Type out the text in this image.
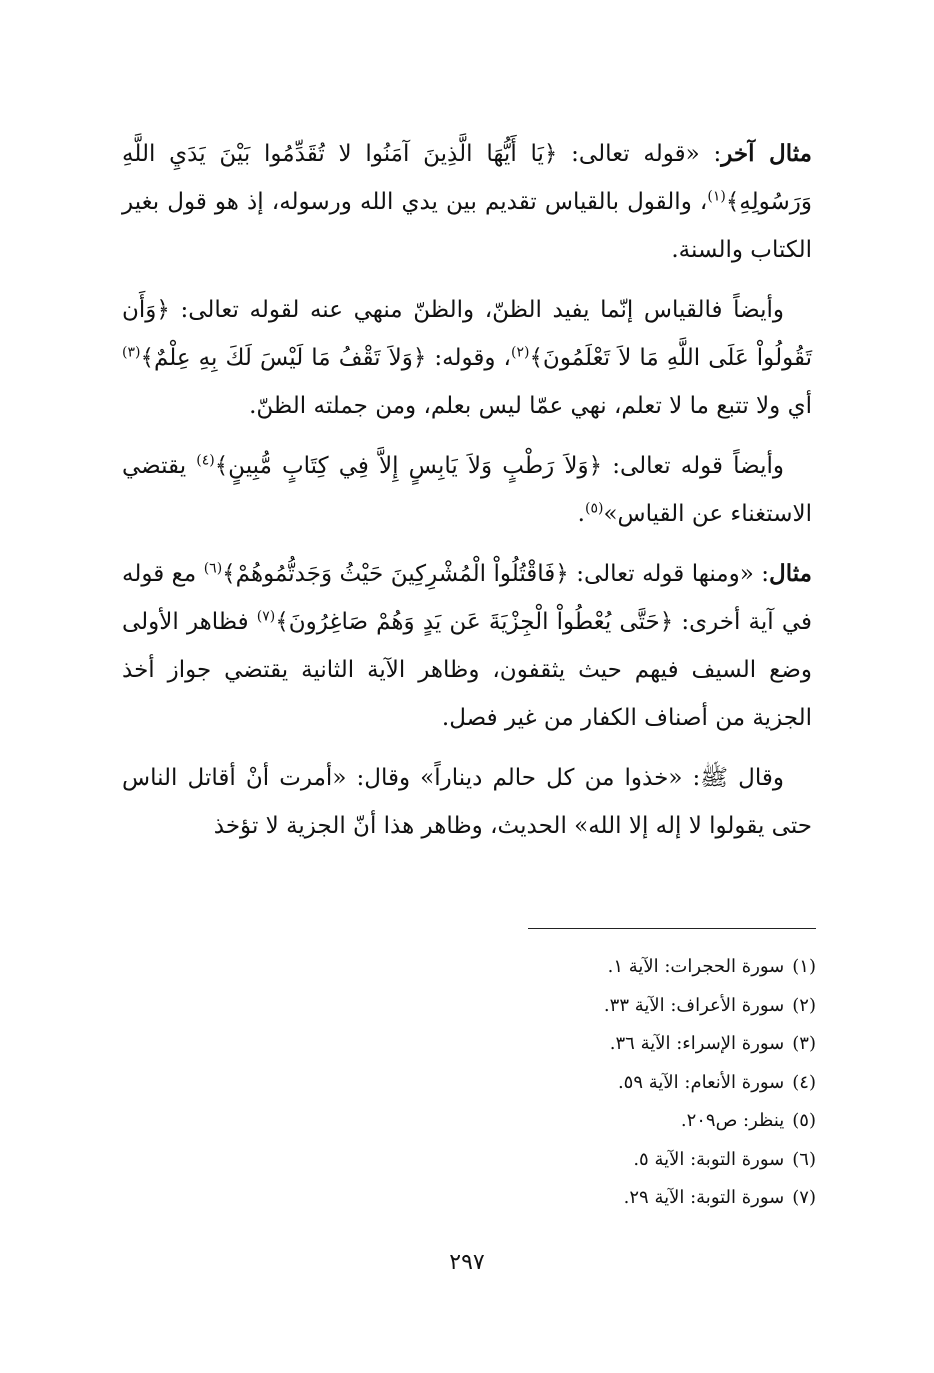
مثال آخر: «قوله تعالى: ﴿يَا أَيُّهَا الَّذِينَ آمَنُوا لا تُقَدِّمُوا بَيْنَ يَدَيِ اللَّهِ وَرَسُولِهِ﴾$^{(١)}$، والقول بالقياس تقديم بين يدي الله ورسوله، إذ هو قول بغير الكتاب والسنة.

وأيضاً فالقياس إنّما يفيد الظنّ، والظنّ منهي عنه لقوله تعالى: ﴿وَأَن تَقُولُواْ عَلَى اللَّهِ مَا لاَ تَعْلَمُونَ﴾$^{(٢)}$، وقوله: ﴿وَلاَ تَقْفُ مَا لَيْسَ لَكَ بِهِ عِلْمٌ﴾$^{(٣)}$ أي ولا تتبع ما لا تعلم، نهي عمّا ليس بعلم، ومن جملته الظنّ.

وأيضاً قوله تعالى: ﴿وَلاَ رَطْبٍ وَلاَ يَابِسٍ إِلاَّ فِي كِتَابٍ مُّبِينٍ﴾$^{(٤)}$ يقتضي الاستغناء عن القياس»$^{(٥)}$.

مثال: «ومنها قوله تعالى: ﴿فَاقْتُلُواْ الْمُشْرِكِينَ حَيْثُ وَجَدتُّمُوهُمْ﴾$^{(٦)}$ مع قوله في آية أخرى: ﴿حَتَّى يُعْطُواْ الْجِزْيَةَ عَن يَدٍ وَهُمْ صَاغِرُونَ﴾$^{(٧)}$ فظاهر الأولى وضع السيف فيهم حيث يثقفون، وظاهر الآية الثانية يقتضي جواز أخذ الجزية من أصناف الكفار من غير فصل.

وقال ﷺ: «خذوا من كل حالم ديناراً» وقال: «أمرت أنْ أقاتل الناس حتى يقولوا لا إله إلا الله» الحديث، وظاهر هذا أنّ الجزية لا تؤخذ

(١)سورة الحجرات: الآية ١.
(٢)سورة الأعراف: الآية ٣٣.
(٣)سورة الإسراء: الآية ٣٦.
(٤)سورة الأنعام: الآية ٥٩.
(٥)ينظر: ص٢٠٩.
(٦)سورة التوبة: الآية ٥.
(٧)سورة التوبة: الآية ٢٩.
٢٩٧
